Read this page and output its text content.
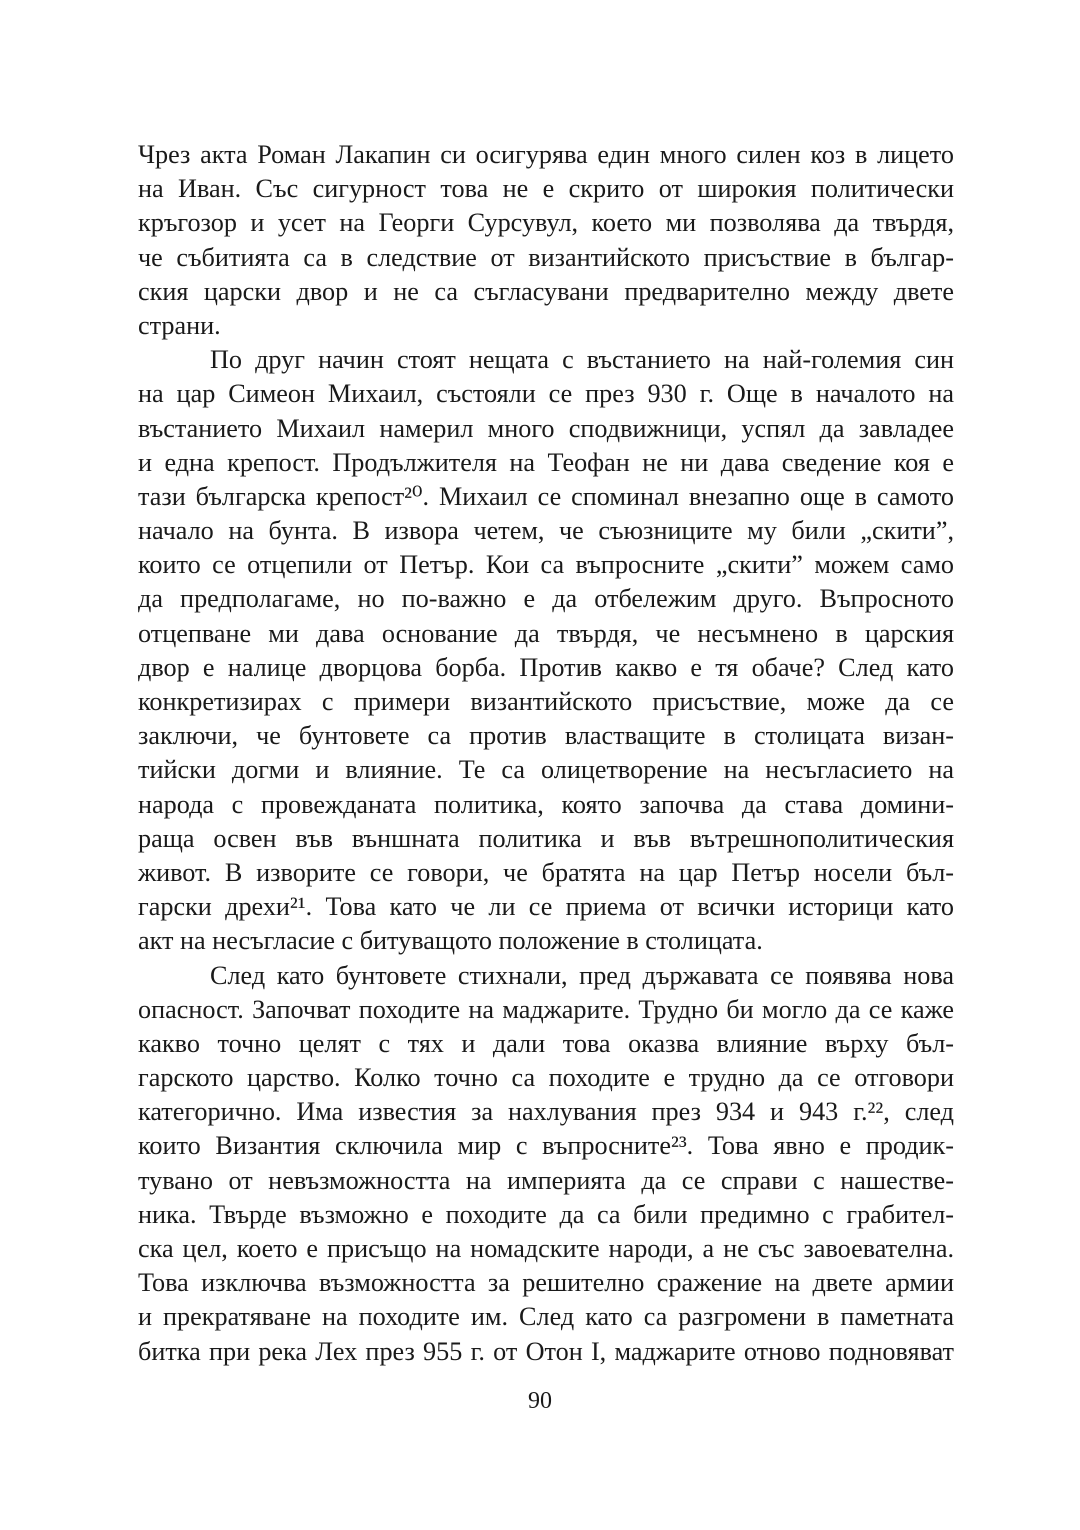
Чрез акта Роман Лакапин си осигурява един много силен коз в лицето
на Иван. Със сигурност това не е скрито от широкия политически
кръгозор и усет на Георги Сурсувул, което ми позволява да твърдя,
че събитията са в следствие от византийското присъствие в българ-
ския царски двор и не са съгласувани предварително между двете
страни.
По друг начин стоят нещата с въстанието на най-големия син
на цар Симеон Михаил, състояли се през 930 г. Още в началото на
въстанието Михаил намерил много сподвижници, успял да завладее
и една крепост. Продължителя на Теофан не ни дава сведение коя е
тази българска крепост²⁰. Михаил се споминал внезапно още в самото
начало на бунта. В извора четем, че съюзниците му били „скити”,
които се отцепили от Петър. Кои са въпросните „скити” можем само
да предполагаме, но по-важно е да отбележим друго. Въпросното
отцепване ми дава основание да твърдя, че несъмнено в царския
двор е налице дворцова борба. Против какво е тя обаче? След като
конкретизирах с примери византийското присъствие, може да се
заключи, че бунтовете са против властващите в столицата визан-
тийски догми и влияние. Те са олицетворение на несъгласието на
народа с провежданата политика, която започва да става домини-
раща освен във външната политика и във вътрешнополитическия
живот. В изворите се говори, че братята на цар Петър носели бъл-
гарски дрехи²¹. Това като че ли се приема от всички историци като
акт на несъгласие с битуващото положение в столицата.
След като бунтовете стихнали, пред държавата се появява нова
опасност. Започват походите на маджарите. Трудно би могло да се каже
какво точно целят с тях и дали това оказва влияние върху бъл-
гарското царство. Колко точно са походите е трудно да се отговори
категорично. Има известия за нахлувания през 934 и 943 г.²², след
които Византия сключила мир с въпросните²³. Това явно е продик-
тувано от невъзможността на империята да се справи с нашестве-
ника. Твърде възможно е походите да са били предимно с грабител-
ска цел, което е присъщо на номадските народи, а не със завоевателна.
Това изключва възможността за решително сражение на двете армии
и прекратяване на походите им. След като са разгромени в паметната
битка при река Лех през 955 г. от Отон I, маджарите отново подновяват
90
